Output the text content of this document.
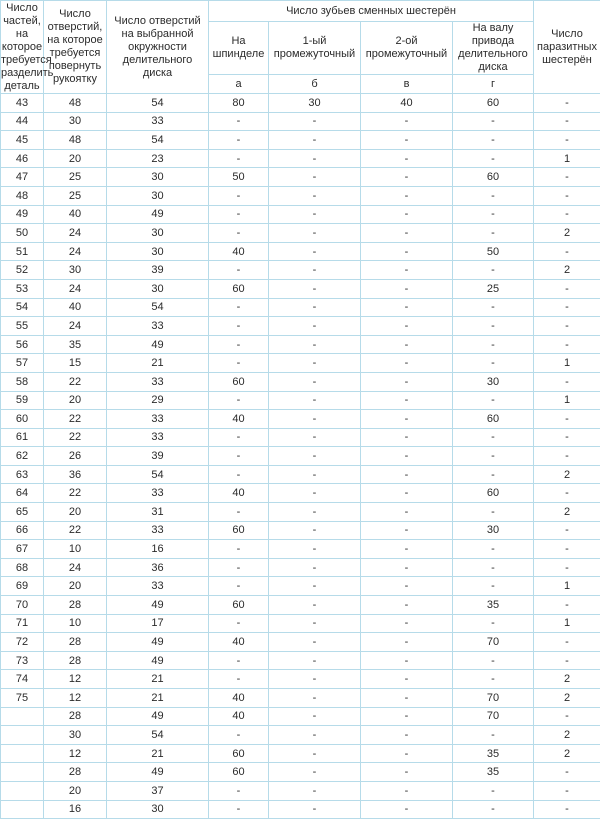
Число частей, на которое требуется разделить деталь	Число отверстий, на которое требуется повернуть рукоятку	Число отверстий на выбранной окружности делительного диска	Число зубьев сменных шестерён				Число паразитных шестерён
			На шпинделе	1-ый промежуточный	2-ой промежуточный	На валу привода делительного диска	
			а	б	в	г	
43	48	54	80	30	40	60	-
44	30	33	-	-	-	-	-
45	48	54	-	-	-	-	-
46	20	23	-	-	-	-	1
47	25	30	50	-	-	60	-
48	25	30	-	-	-	-	-
49	40	49	-	-	-	-	-
50	24	30	-	-	-	-	2
51	24	30	40	-	-	50	-
52	30	39	-	-	-	-	2
53	24	30	60	-	-	25	-
54	40	54	-	-	-	-	-
55	24	33	-	-	-	-	-
56	35	49	-	-	-	-	-
57	15	21	-	-	-	-	1
58	22	33	60	-	-	30	-
59	20	29	-	-	-	-	1
60	22	33	40	-	-	60	-
61	22	33	-	-	-	-	-
62	26	39	-	-	-	-	-
63	36	54	-	-	-	-	2
64	22	33	40	-	-	60	-
65	20	31	-	-	-	-	2
66	22	33	60	-	-	30	-
67	10	16	-	-	-	-	-
68	24	36	-	-	-	-	-
69	20	33	-	-	-	-	1
70	28	49	60	-	-	35	-
71	10	17	-	-	-	-	1
72	28	49	40	-	-	70	-
73	28	49	-	-	-	-	-
74	12	21	-	-	-	-	2
75	12	21	40	-	-	70	2
	28	49	40	-	-	70	-
	30	54	-	-	-	-	2
	12	21	60	-	-	35	2
	28	49	60	-	-	35	-
	20	37	-	-	-	-	-
	16	30	-	-	-	-	-
